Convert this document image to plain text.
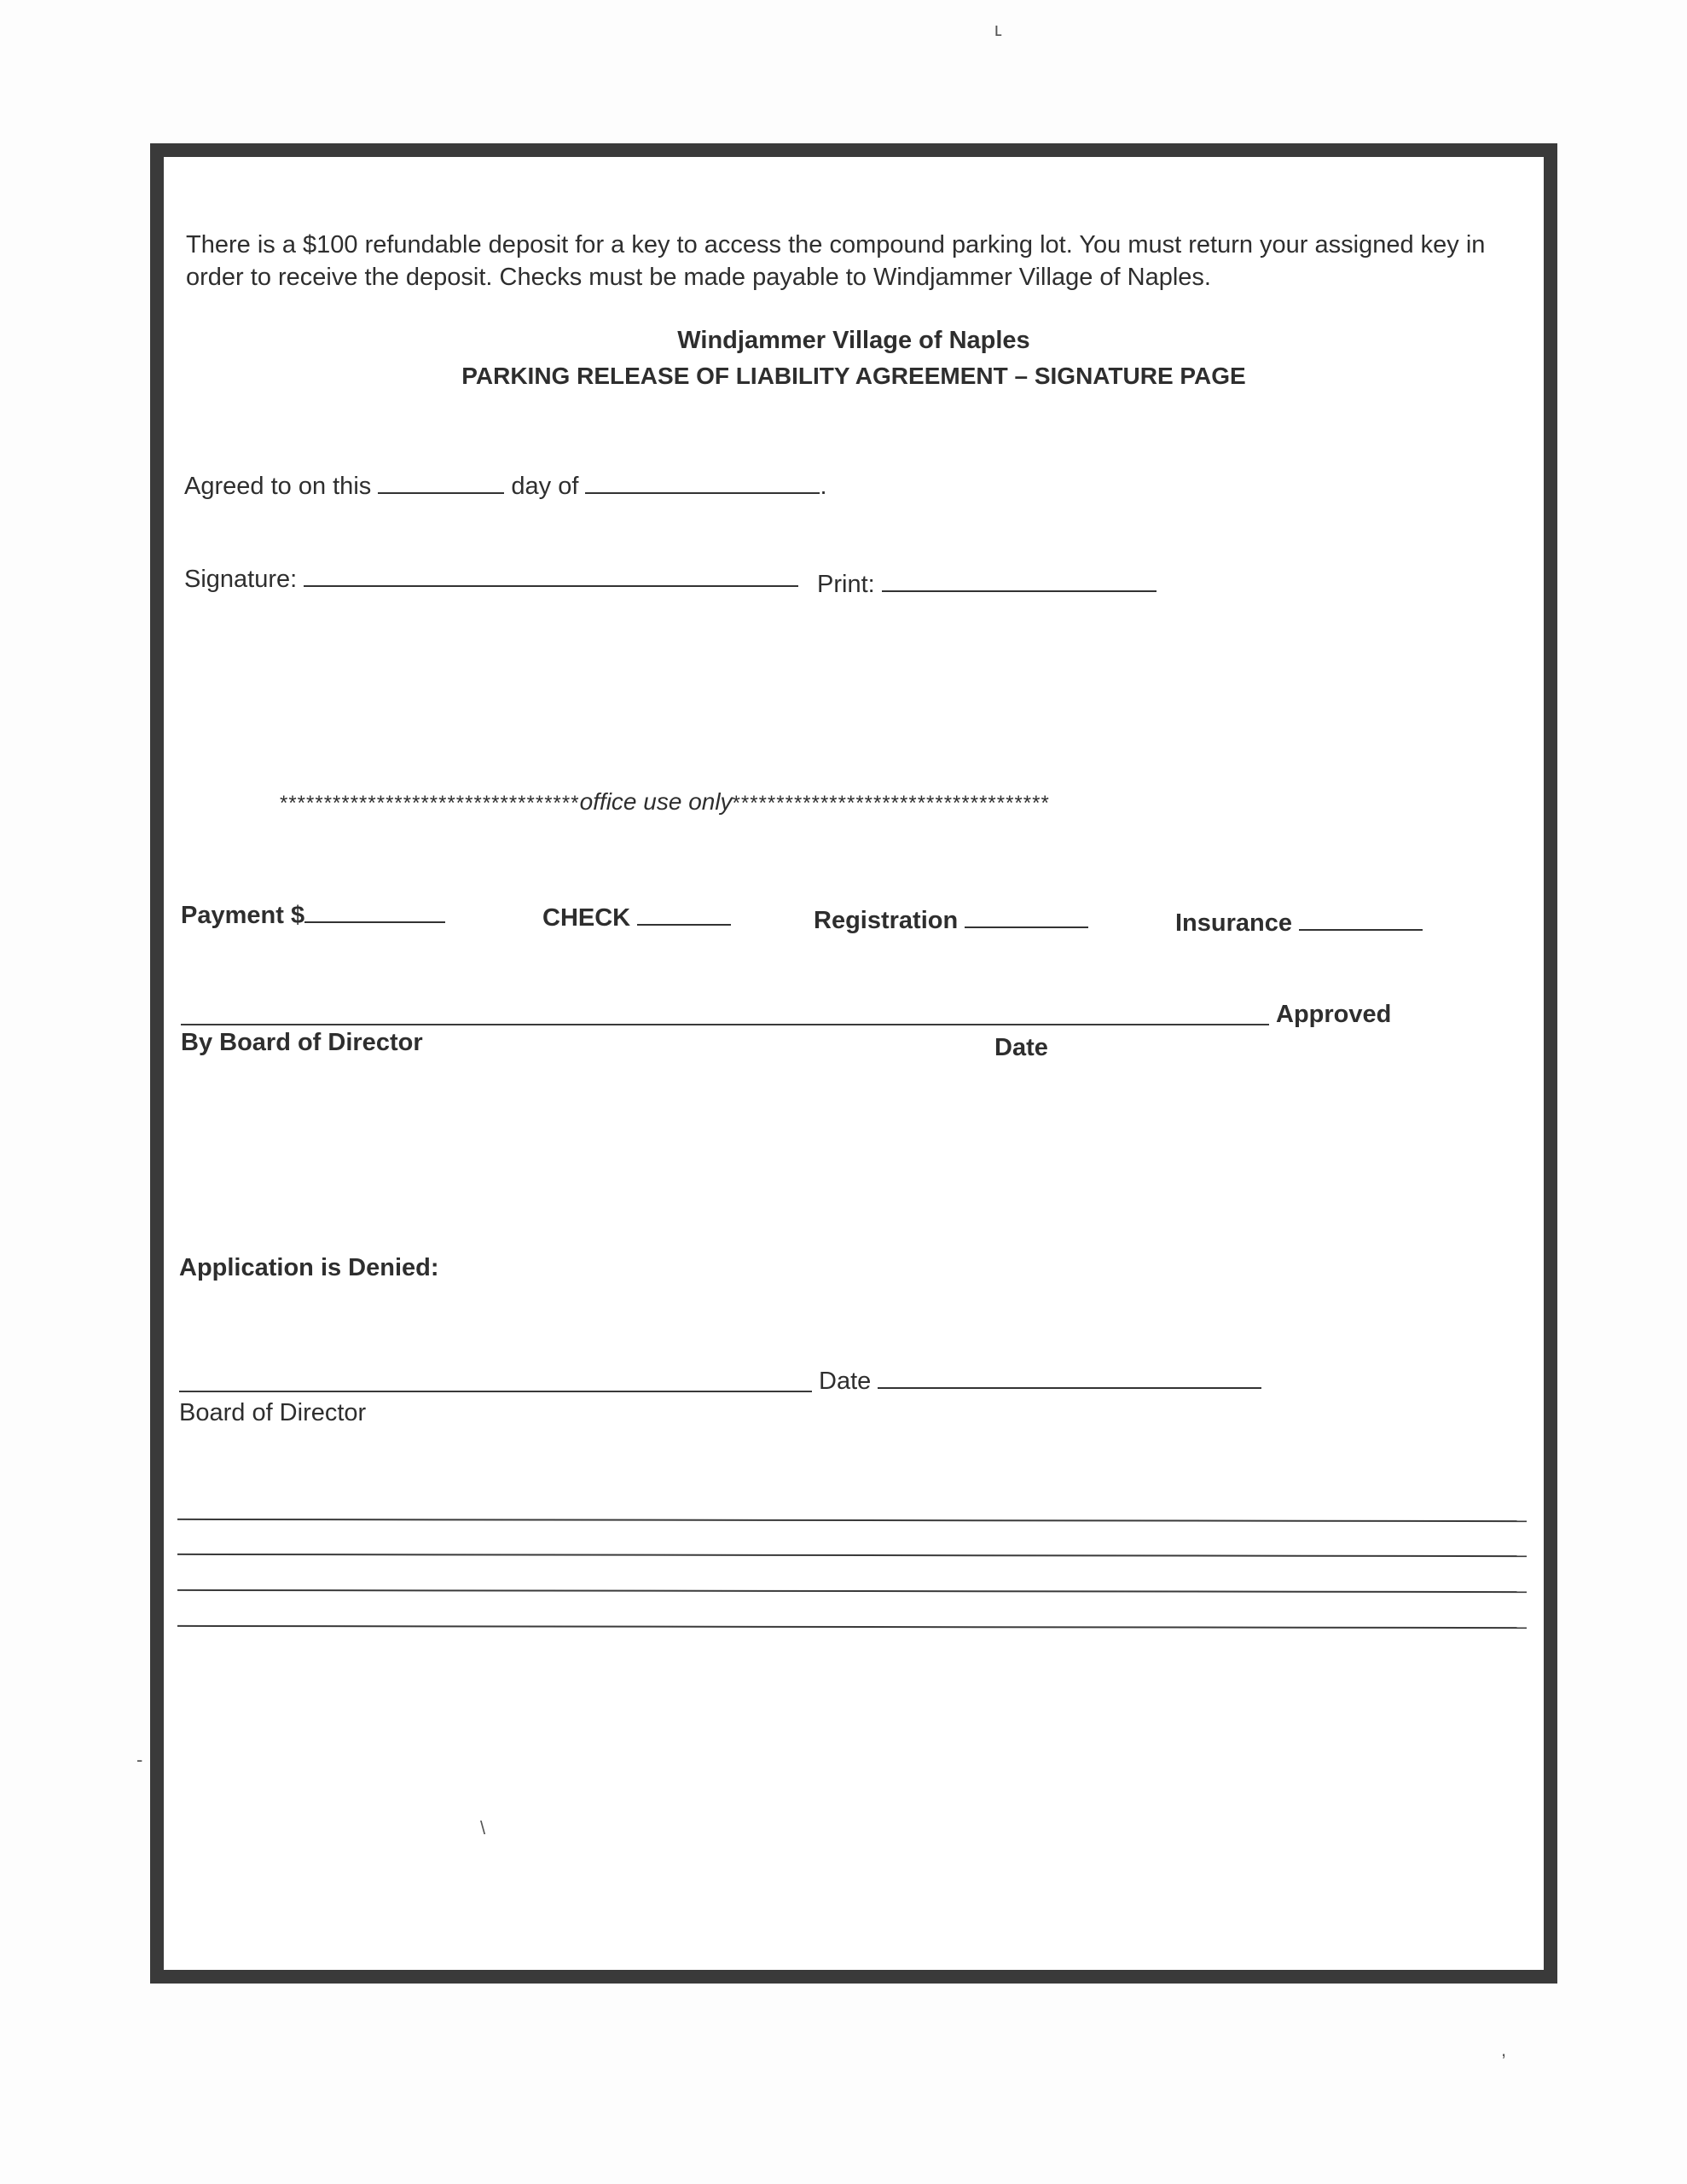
There is a $100 refundable deposit for a key to access the compound parking lot. You must return your assigned key in
order to receive the deposit. Checks must be made payable to Windjammer Village of Naples.
Windjammer Village of Naples
PARKING RELEASE OF LIABILITY AGREEMENT – SIGNATURE PAGE
Agreed to on this	day of	.
Signature:	Print:
**********************************office use only************************************
Payment $	CHECK	Registration	Insurance
Approved
By Board of Director	Date
Application is Denied:
Date
Board of Director
ʟ
\
‐
,
